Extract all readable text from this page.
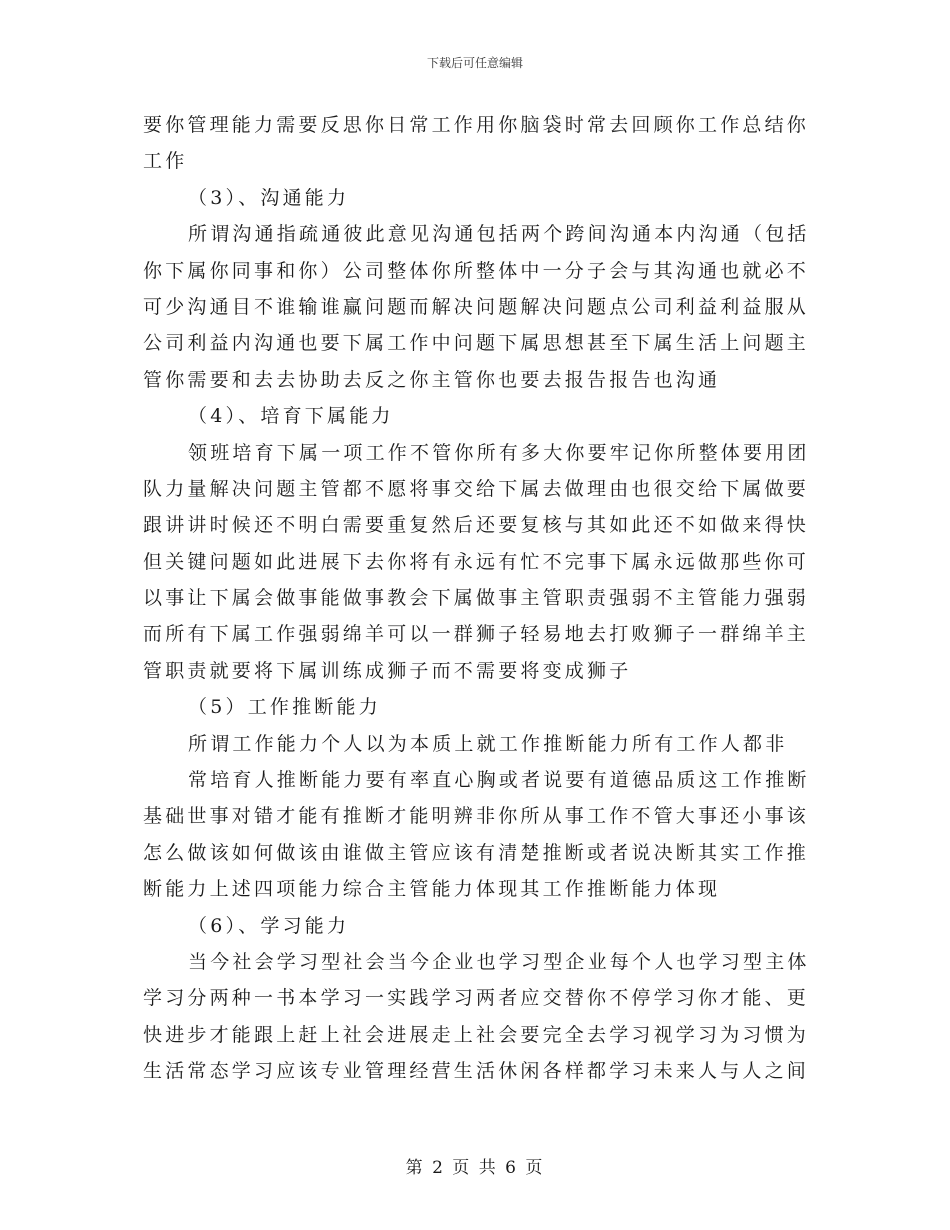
下载后可任意编辑
要你管理能力需要反思你日常工作用你脑袋时常去回顾你工作总结你
工作
（3）、沟通能力
所谓沟通指疏通彼此意见沟通包括两个跨间沟通本内沟通（包括
你下属你同事和你）公司整体你所整体中一分子会与其沟通也就必不
可少沟通目不谁输谁赢问题而解决问题解决问题点公司利益利益服从
公司利益内沟通也要下属工作中问题下属思想甚至下属生活上问题主
管你需要和去去协助去反之你主管你也要去报告报告也沟通
（4）、培育下属能力
领班培育下属一项工作不管你所有多大你要牢记你所整体要用团
队力量解决问题主管都不愿将事交给下属去做理由也很交给下属做要
跟讲讲时候还不明白需要重复然后还要复核与其如此还不如做来得快
但关键问题如此进展下去你将有永远有忙不完事下属永远做那些你可
以事让下属会做事能做事教会下属做事主管职责强弱不主管能力强弱
而所有下属工作强弱绵羊可以一群狮子轻易地去打败狮子一群绵羊主
管职责就要将下属训练成狮子而不需要将变成狮子
（5）工作推断能力
所谓工作能力个人以为本质上就工作推断能力所有工作人都非
常培育人推断能力要有率直心胸或者说要有道德品质这工作推断
基础世事对错才能有推断才能明辨非你所从事工作不管大事还小事该
怎么做该如何做该由谁做主管应该有清楚推断或者说决断其实工作推
断能力上述四项能力综合主管能力体现其工作推断能力体现
（6）、学习能力
当今社会学习型社会当今企业也学习型企业每个人也学习型主体
学习分两种一书本学习一实践学习两者应交替你不停学习你才能、更
快进步才能跟上赶上社会进展走上社会要完全去学习视学习为习惯为
生活常态学习应该专业管理经营生活休闲各样都学习未来人与人之间
第 2 页 共 6 页
